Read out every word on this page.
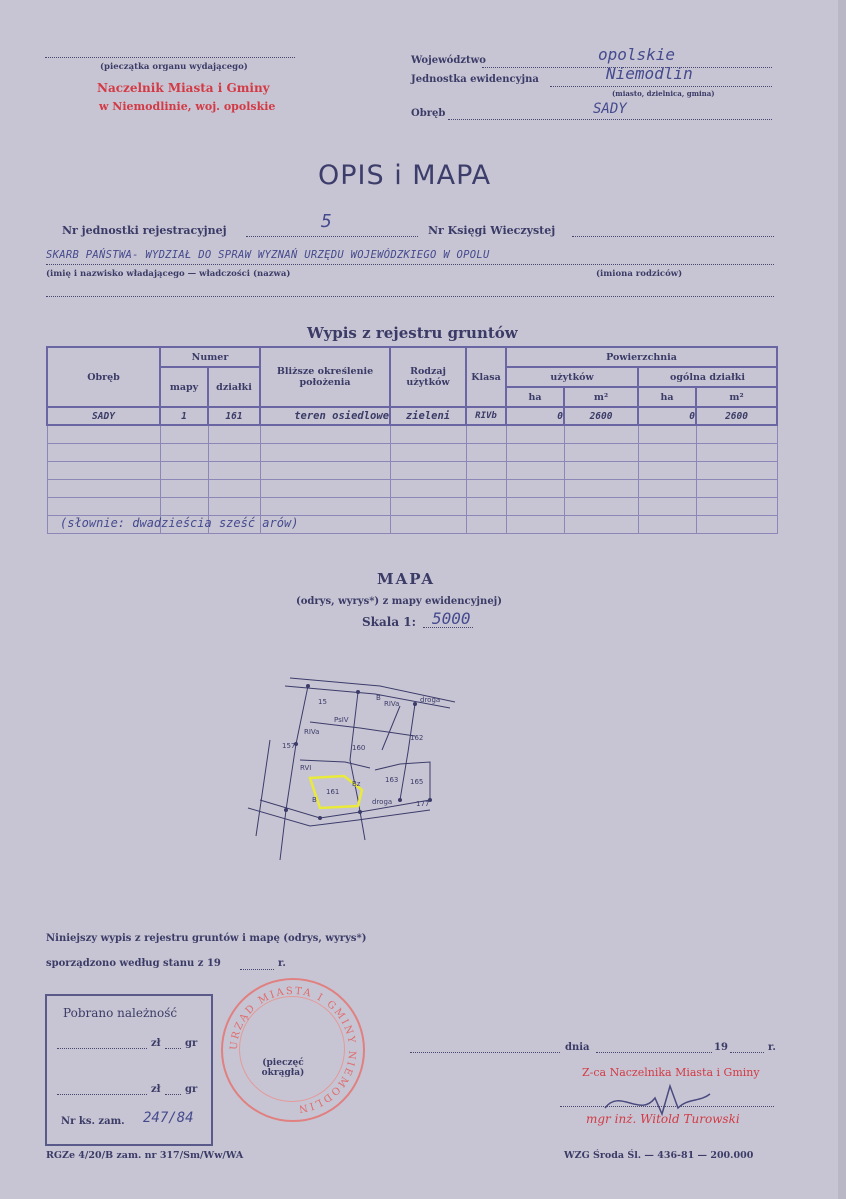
(pieczątka organu wydającego)
Naczelnik Miasta i Gminy
w Niemodlinie, woj. opolskie
Województwo	opolskie
Jednostka ewidencyjna	Niemodlin
(miasto, dzielnica, gmina)
Obręb	SADY
OPIS i MAPA
Nr jednostki rejestracyjnej	5	Nr Księgi Wieczystej
SKARB PAŃSTWA- WYDZIAŁ DO SPRAW WYZNAŃ URZĘDU WOJEWÓDZKIEGO W OPOLU
(imię i nazwisko władającego — władczości (nazwa)	(imiona rodziców)
Wypis z rejestru gruntów
Obręb	Numer		Bliższe określenie położenia	Rodzaj użytków	Klasa	Powierzchnia			
	mapy	działki				użytków		ogólna działki	
						ha	m²	ha	m²
SADY	1	161	teren osiedlowe	zieleni	RIVb	0	2600	0	2600

(słownie: dwadzieścia sześć arów)
MAPA
(odrys, wyrys*) z mapy ewidencyjnej)
Skala 1: 5000
161
160
162
163 165
157
15	droga
droga	177
PsIV
RIVa
RVI
B
B
Bz
RIVa
Niniejszy wypis z rejestru gruntów i mapę (odrys, wyrys*)
sporządzono według stanu z 19	r.
Pobrano należność
zł gr
zł gr
Nr ks. zam. 247/84
URZĄD MIASTA I GMINY NIEMODLIN
(pieczęć okrągła)
dnia	19	r.
Z-ca Naczelnika Miasta i Gminy
mgr inż. Witold Turowski
RGZe 4/20/B zam. nr 317/Sm/Ww/WA	WZG Środa Śl. — 436-81 — 200.000
